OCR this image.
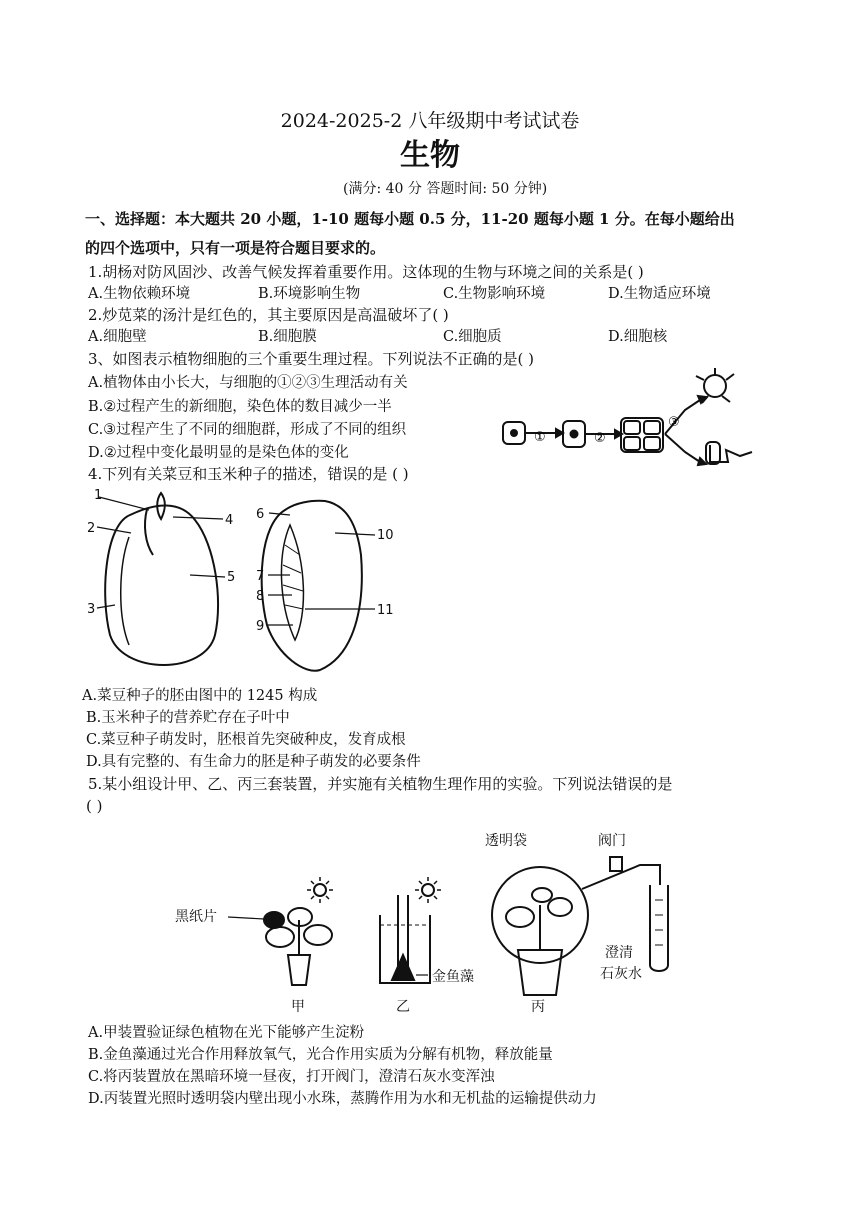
2024-2025-2 八年级期中考试试卷
生物
(满分: 40 分 答题时间: 50 分钟)
一、选择题：本大题共 20 小题，1-10 题每小题 0.5 分，11-20 题每小题 1 分。在每小题给出
的四个选项中，只有一项是符合题目要求的。
1.胡杨对防风固沙、改善气候发挥着重要作用。这体现的生物与环境之间的关系是( )
A.生物依赖环境	B.环境影响生物	C.生物影响环境	D.生物适应环境
2.炒苋菜的汤汁是红色的，其主要原因是高温破坏了( )
A.细胞壁	B.细胞膜	C.细胞质	D.细胞核
3、如图表示植物细胞的三个重要生理过程。下列说法不正确的是( )
A.植物体由小长大，与细胞的①②③生理活动有关
B.②过程产生的新细胞，染色体的数目减少一半
C.③过程产生了不同的细胞群，形成了不同的组织
D.②过程中变化最明显的是染色体的变化
①	②
③
4.下列有关菜豆和玉米种子的描述，错误的是 ( )
1
2
3
4
5
6
7
8
9
10
11
A.菜豆种子的胚由图中的 1245 构成
B.玉米种子的营养贮存在子叶中
C.菜豆种子萌发时，胚根首先突破种皮，发育成根
D.具有完整的、有生命力的胚是种子萌发的必要条件
5.某小组设计甲、乙、丙三套装置，并实施有关植物生理作用的实验。下列说法错误的是
( )
黑纸片
金鱼藻
透明袋	阀门
澄清
石灰水
甲	乙	丙
A.甲装置验证绿色植物在光下能够产生淀粉
B.金鱼藻通过光合作用释放氧气，光合作用实质为分解有机物，释放能量
C.将丙装置放在黑暗环境一昼夜，打开阀门，澄清石灰水变浑浊
D.丙装置光照时透明袋内壁出现小水珠，蒸腾作用为水和无机盐的运输提供动力
